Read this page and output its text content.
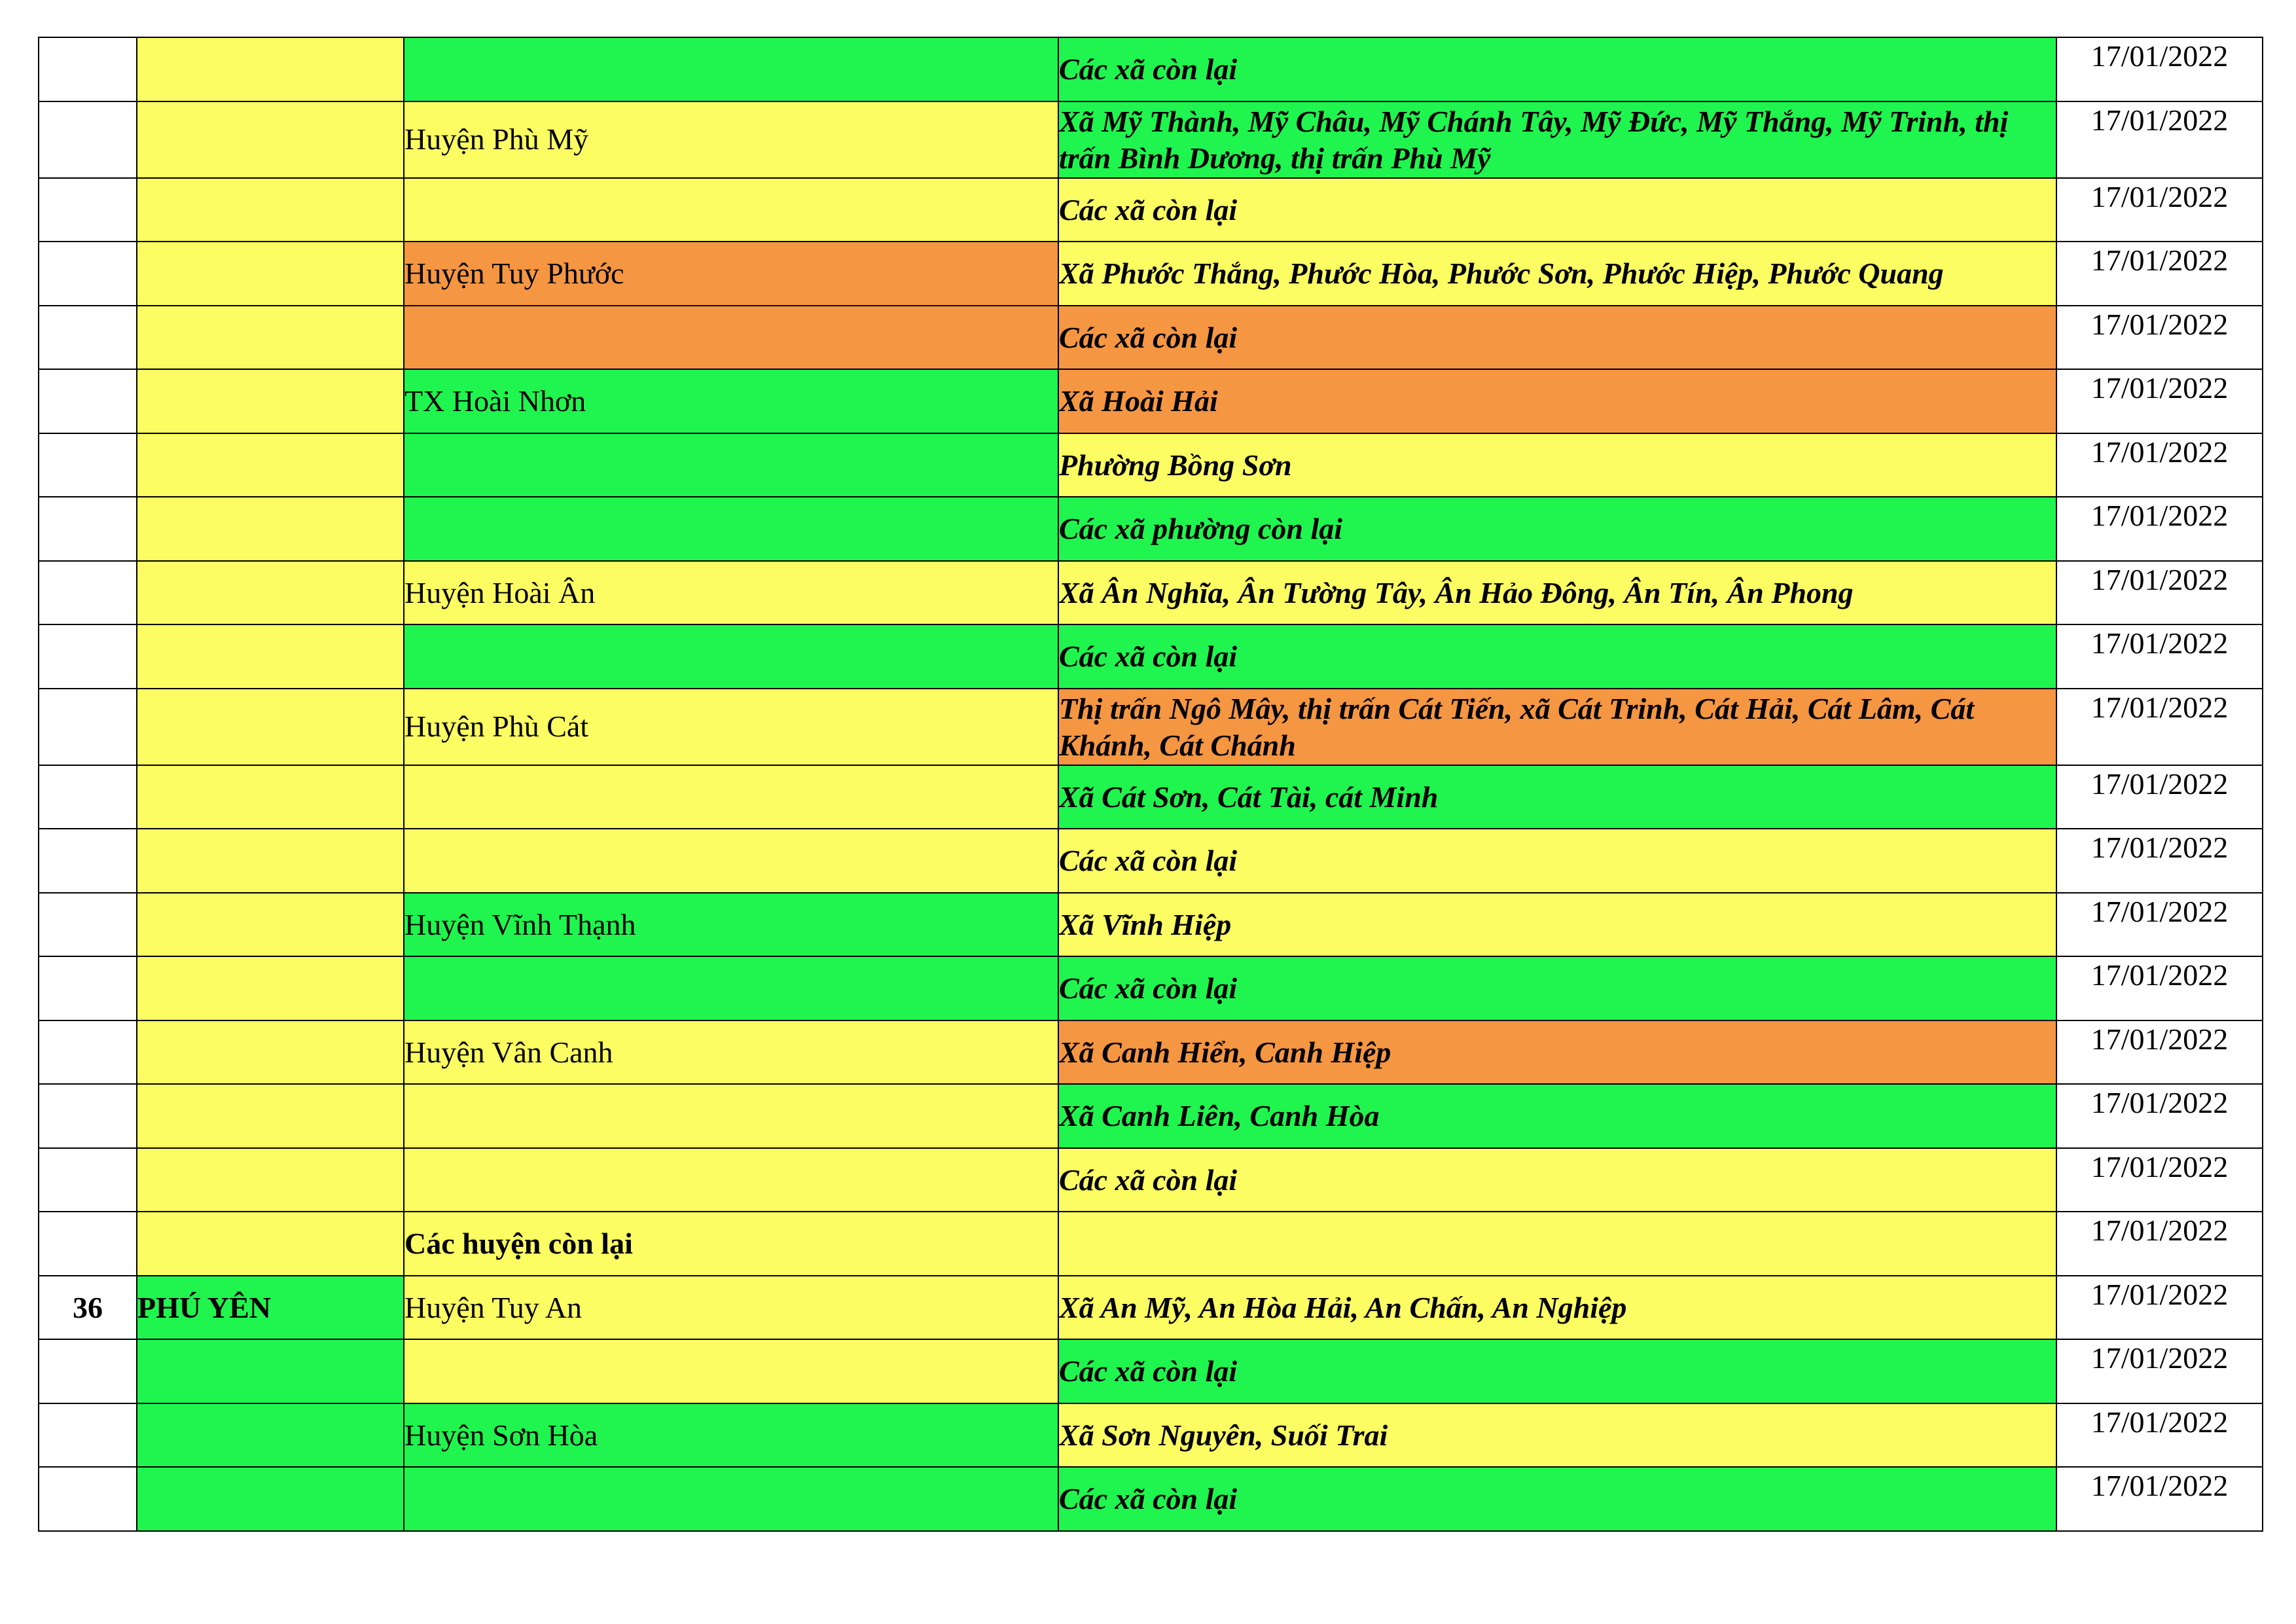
			Các xã còn lại	17/01/2022
		Huyện Phù Mỹ	Xã Mỹ Thành, Mỹ Châu, Mỹ Chánh Tây, Mỹ Đức, Mỹ Thắng, Mỹ Trinh, thị trấn Bình Dương, thị trấn Phù Mỹ	17/01/2022
			Các xã còn lại	17/01/2022
		Huyện Tuy Phước	Xã Phước Thắng, Phước Hòa, Phước Sơn, Phước Hiệp, Phước Quang	17/01/2022
			Các xã còn lại	17/01/2022
		TX Hoài Nhơn	Xã Hoài Hải	17/01/2022
			Phường Bồng Sơn	17/01/2022
			Các xã phường còn lại	17/01/2022
		Huyện Hoài Ân	Xã Ân Nghĩa, Ân Tường Tây, Ân Hảo Đông, Ân Tín, Ân Phong	17/01/2022
			Các xã còn lại	17/01/2022
		Huyện Phù Cát	Thị trấn Ngô Mây, thị trấn Cát Tiến, xã Cát Trinh, Cát Hải, Cát Lâm, Cát Khánh, Cát Chánh	17/01/2022
			Xã Cát Sơn, Cát Tài, cát Minh	17/01/2022
			Các xã còn lại	17/01/2022
		Huyện Vĩnh Thạnh	Xã Vĩnh Hiệp	17/01/2022
			Các xã còn lại	17/01/2022
		Huyện Vân Canh	Xã Canh Hiển, Canh Hiệp	17/01/2022
			Xã Canh Liên, Canh Hòa	17/01/2022
			Các xã còn lại	17/01/2022
		Các huyện còn lại		17/01/2022
36	PHÚ YÊN	Huyện Tuy An	Xã An Mỹ, An Hòa Hải, An Chấn, An Nghiệp	17/01/2022
			Các xã còn lại	17/01/2022
		Huyện Sơn Hòa	Xã Sơn Nguyên, Suối Trai	17/01/2022
			Các xã còn lại	17/01/2022
